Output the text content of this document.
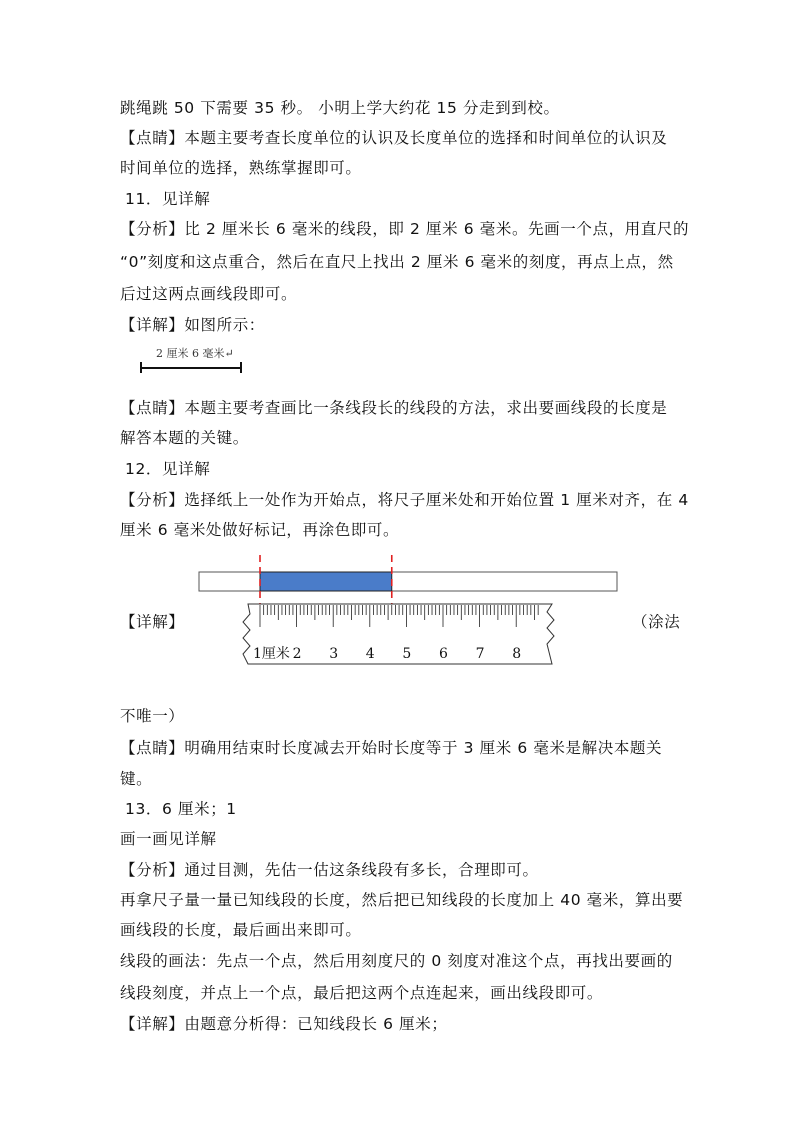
跳绳跳 50 下需要 35 秒。 小明上学大约花 15 分走到到校。
【点睛】本题主要考查长度单位的认识及长度单位的选择和时间单位的认识及
时间单位的选择，熟练掌握即可。
11．见详解
【分析】比 2 厘米长 6 毫米的线段，即 2 厘米 6 毫米。先画一个点，用直尺的
“0”刻度和这点重合，然后在直尺上找出 2 厘米 6 毫米的刻度，再点上点，然
后过这两点画线段即可。
【详解】如图所示：
2 厘米 6 毫米↵
【点睛】本题主要考查画比一条线段长的线段的方法，求出要画线段的长度是
解答本题的关键。
12．见详解
【分析】选择纸上一处作为开始点，将尺子厘米处和开始位置 1 厘米对齐，在 4
厘米 6 毫米处做好标记，再涂色即可。
【详解】	（涂法
1厘米 2 3 4 5 6 7 8
不唯一）
【点睛】明确用结束时长度减去开始时长度等于 3 厘米 6 毫米是解决本题关
键。
13．6 厘米；1
画一画见详解
【分析】通过目测，先估一估这条线段有多长，合理即可。
再拿尺子量一量已知线段的长度，然后把已知线段的长度加上 40 毫米，算出要
画线段的长度，最后画出来即可。
线段的画法：先点一个点，然后用刻度尺的 0 刻度对准这个点，再找出要画的
线段刻度，并点上一个点，最后把这两个点连起来，画出线段即可。
【详解】由题意分析得：已知线段长 6 厘米；
